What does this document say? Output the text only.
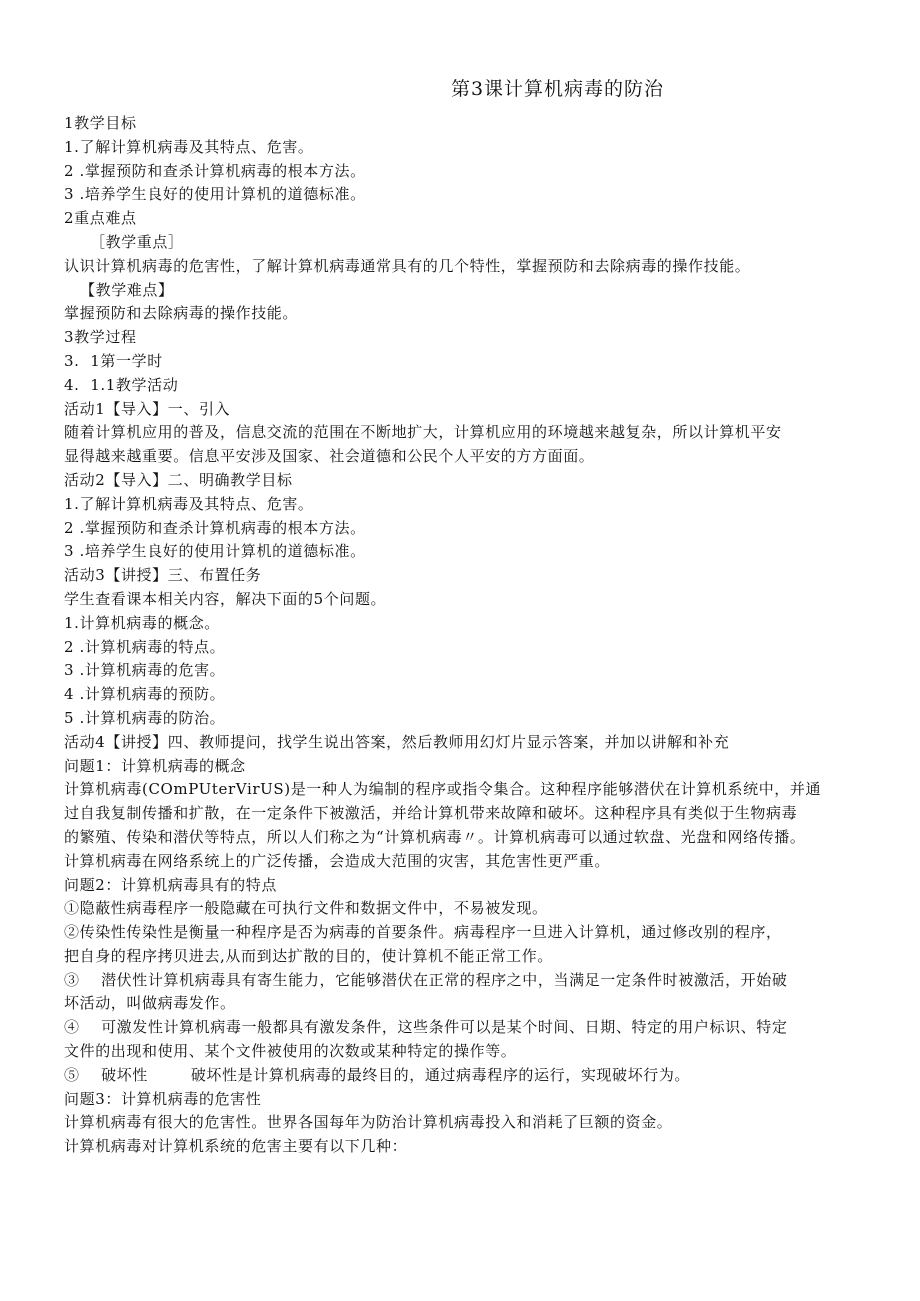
第3课计算机病毒的防治
1教学目标
1.了解计算机病毒及其特点、危害。
2 .掌握预防和查杀计算机病毒的根本方法。
3 .培养学生良好的使用计算机的道德标准。
2重点难点
［教学重点］
认识计算机病毒的危害性，了解计算机病毒通常具有的几个特性，掌握预防和去除病毒的操作技能。
【教学难点】
掌握预防和去除病毒的操作技能。
3教学过程
3.  1第一学时
4.  1.1教学活动
活动1【导入】一、引入
随着计算机应用的普及，信息交流的范围在不断地扩大，计算机应用的环境越来越复杂，所以计算机平安
显得越来越重要。信息平安涉及国家、社会道德和公民个人平安的方方面面。
活动2【导入】二、明确教学目标
1.了解计算机病毒及其特点、危害。
2 .掌握预防和查杀计算机病毒的根本方法。
3 .培养学生良好的使用计算机的道德标准。
活动3【讲授】三、布置任务
学生查看课本相关内容，解决下面的5个问题。
1.计算机病毒的概念。
2 .计算机病毒的特点。
3 .计算机病毒的危害。
4 .计算机病毒的预防。
5 .计算机病毒的防治。
活动4【讲授】四、教师提问，找学生说出答案，然后教师用幻灯片显示答案，并加以讲解和补充
问题1：计算机病毒的概念
计算机病毒(COmPUterVirUS)是一种人为编制的程序或指令集合。这种程序能够潜伏在计算机系统中，并通
过自我复制传播和扩散，在一定条件下被激活，并给计算机带来故障和破坏。这种程序具有类似于生物病毒
的繁殖、传染和潜伏等特点，所以人们称之为“计算机病毒〃。计算机病毒可以通过软盘、光盘和网络传播。
计算机病毒在网络系统上的广泛传播，会造成大范围的灾害，其危害性更严重。
问题2：计算机病毒具有的特点
①隐蔽性病毒程序一般隐藏在可执行文件和数据文件中，不易被发现。
②传染性传染性是衡量一种程序是否为病毒的首要条件。病毒程序一旦进入计算机，通过修改别的程序，
把自身的程序拷贝进去,从而到达扩散的目的，使计算机不能正常工作。
③    潜伏性计算机病毒具有寄生能力，它能够潜伏在正常的程序之中，当满足一定条件时被激活，开始破
坏活动，叫做病毒发作。
④    可激发性计算机病毒一般都具有激发条件，这些条件可以是某个时间、日期、特定的用户标识、特定
文件的出现和使用、某个文件被使用的次数或某种特定的操作等。
⑤    破坏性        破坏性是计算机病毒的最终目的，通过病毒程序的运行，实现破坏行为。
问题3：计算机病毒的危害性
计算机病毒有很大的危害性。世界各国每年为防治计算机病毒投入和消耗了巨额的资金。
计算机病毒对计算机系统的危害主要有以下几种：
